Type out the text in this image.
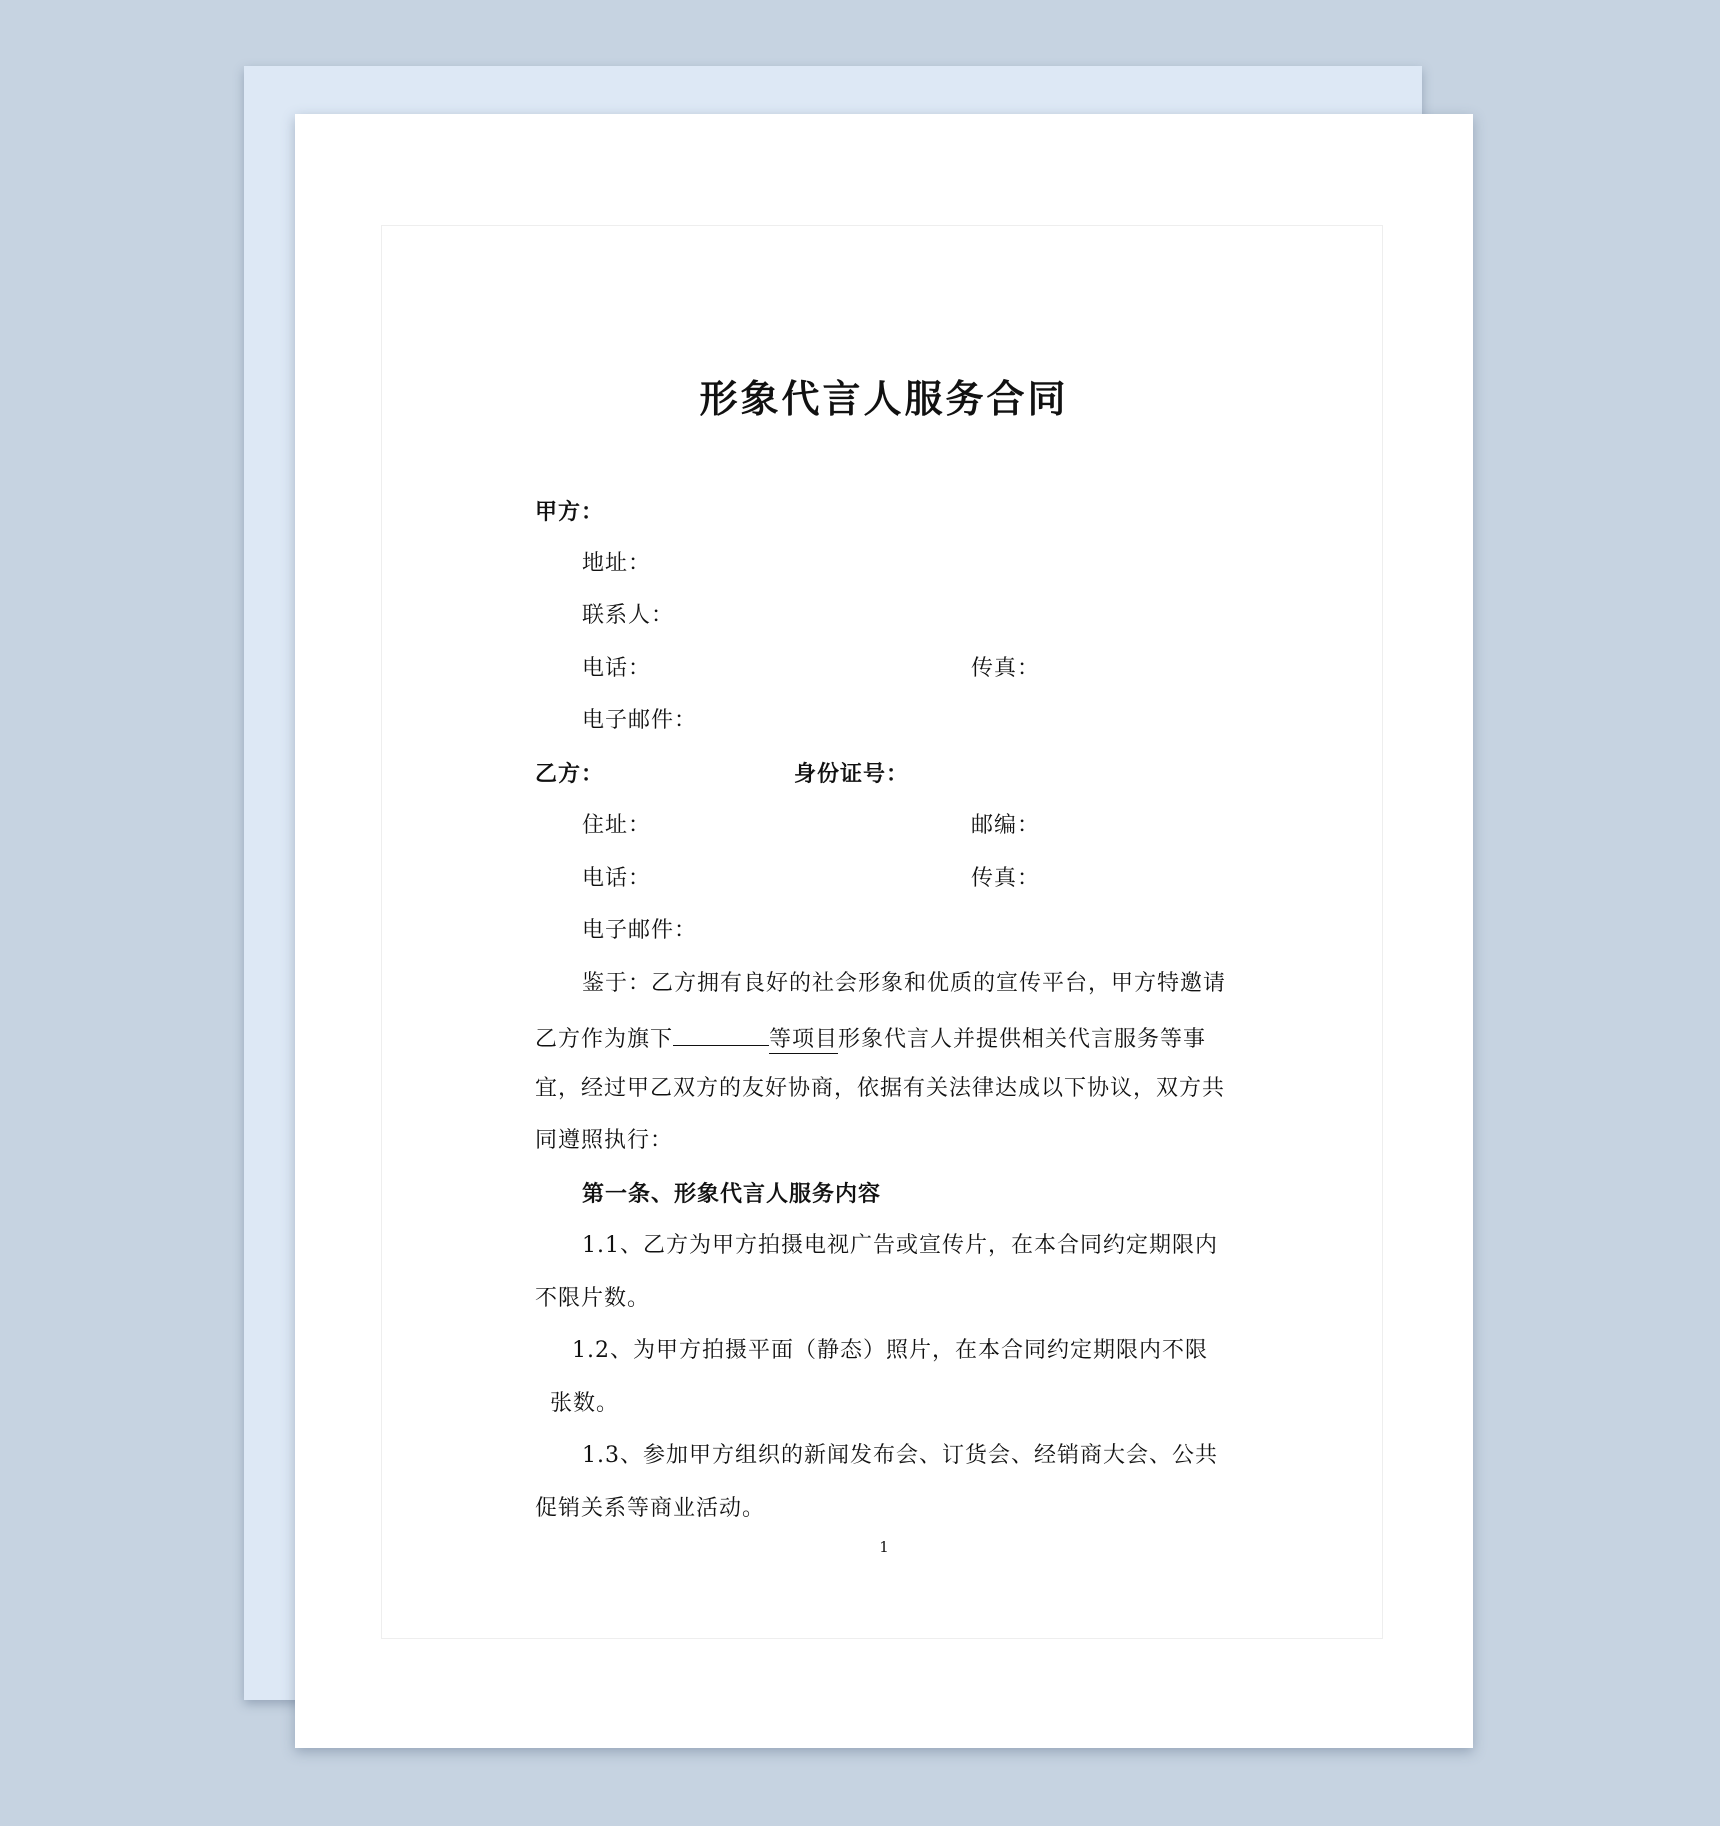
形象代言人服务合同
甲方：
地址：
联系人：
电话：	传真：
电子邮件：
乙方：	身份证号：
住址：	邮编：
电话：	传真：
电子邮件：
鉴于：乙方拥有良好的社会形象和优质的宣传平台，甲方特邀请
乙方作为旗下	等项目形象代言人并提供相关代言服务等事
宜，经过甲乙双方的友好协商，依据有关法律达成以下协议，双方共
同遵照执行：
第一条、形象代言人服务内容
1.1、乙方为甲方拍摄电视广告或宣传片，在本合同约定期限内
不限片数。
1.2、为甲方拍摄平面（静态）照片，在本合同约定期限内不限
张数。
1.3、参加甲方组织的新闻发布会、订货会、经销商大会、公共
促销关系等商业活动。
1
